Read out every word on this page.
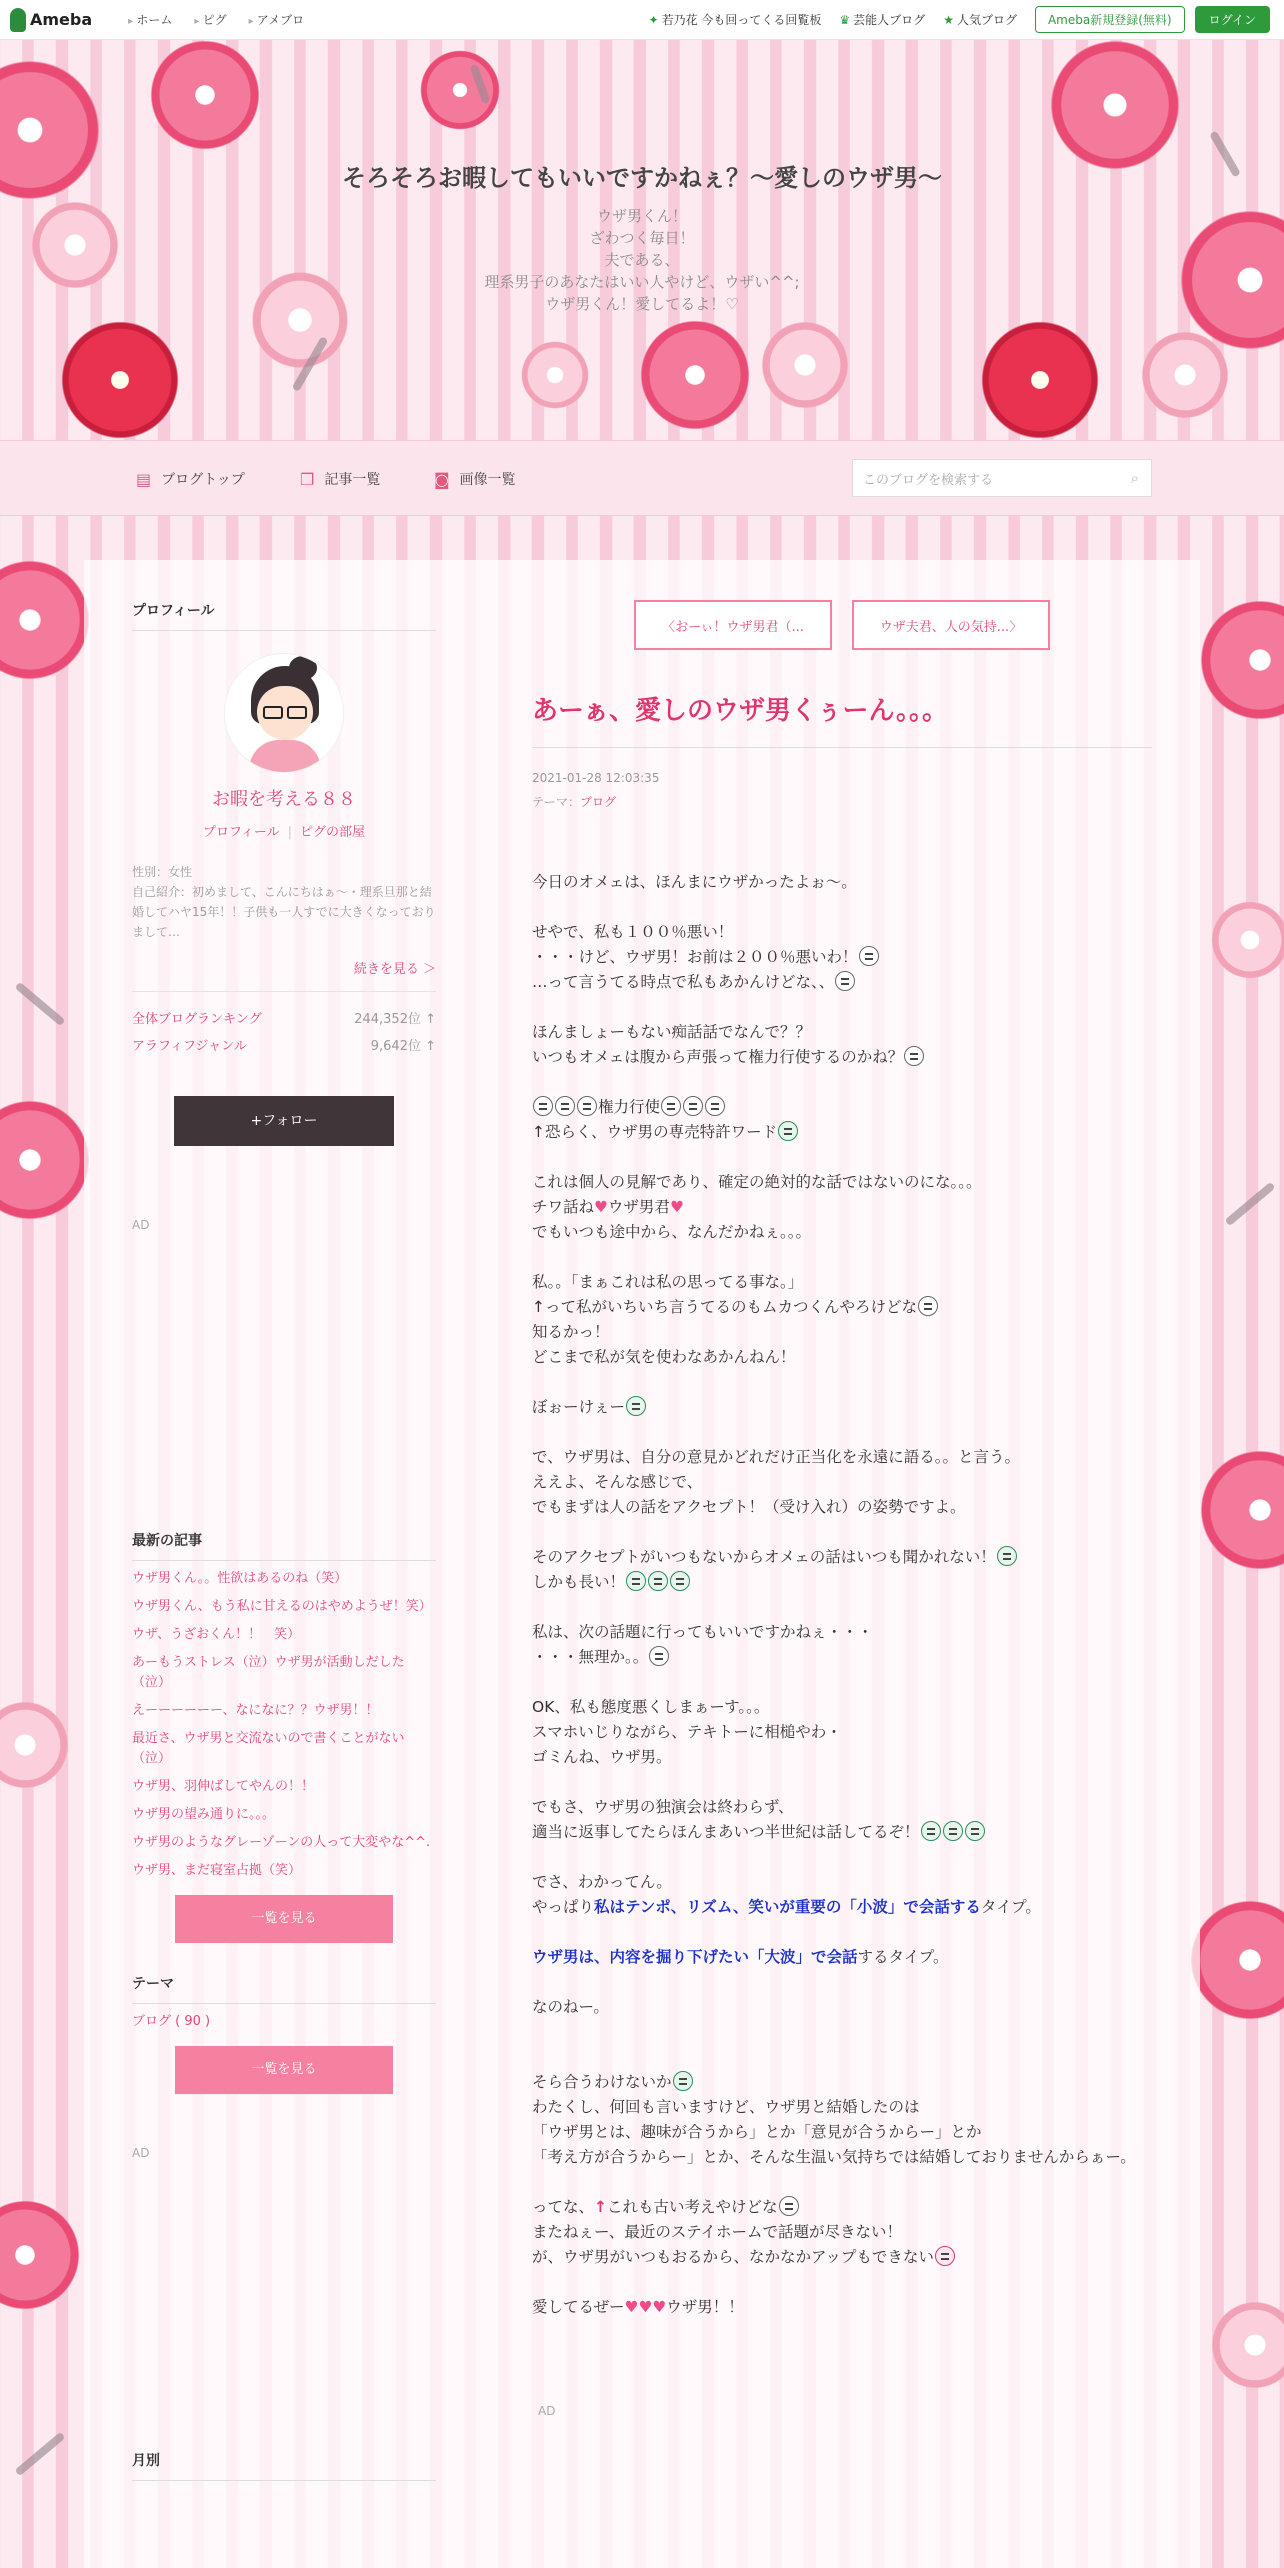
Ameba	▸ ホーム	▸ ピグ	▸ アメブロ	✦ 若乃花 今も回ってくる回覧板 ♛ 芸能人ブログ ★ 人気ブログ	Ameba新規登録(無料)	ログイン
そろそろお暇してもいいですかねぇ？〜愛しのウザ男〜
ウザ男くん！
ざわつく毎日！
夫である、
理系男子のあなたはいい人やけど、ウザい^^;
ウザ男くん！愛してるよ！♡
▤ ブログトップ	❐ 記事一覧	◙ 画像一覧	このブログを検索する	⌕
プロフィール
お暇を考える８８
プロフィール | ピグの部屋
性別：女性
自己紹介：初めまして、こんにちはぁ〜・理系旦那と結婚してハヤ15年！！子供も一人すでに大きくなっておりまして…
続きを見る ＞
全体ブログランキング	244,352位 ↑
アラフィフジャンル	9,642位 ↑
+フォロー
AD
最新の記事
ウザ男くん。。性欲はあるのね（笑）
ウザ男くん、もう私に甘えるのはやめようぜ！笑）
ウザ、うざおくん！！　笑）
あーもうストレス（泣）ウザ男が活動しだした（泣）
えーーーーーー、なになに？？ウザ男！！
最近さ、ウザ男と交流ないので書くことがない（泣）
ウザ男、羽伸ばしてやんの！！
ウザ男の望み通りに。。。
ウザ男のようなグレーゾーンの人って大変やな^^.
ウザ男、まだ寝室占拠（笑）
一覧を見る
テーマ
ブログ ( 90 )
一覧を見る
AD
月別
〈 おーぃ！ウザ男君（...	ウザ夫君、人の気持... 〉
あーぁ、愛しのウザ男くぅーん。。。
2021-01-28 12:03:35
テーマ：ブログ

今日のオメェは、ほんまにウザかったよぉ〜。

せやで、私も１００％悪い！

・・・けど、ウザ男！お前は２００％悪いわ！

…って言うてる時点で私もあかんけどな、、

ほんましょーもない痴話話でなんで？？

いつもオメェは腹から声張って権力行使するのかね？

権力行使

↑恐らく、ウザ男の専売特許ワード

これは個人の見解であり、確定の絶対的な話ではないのにな。。。

チワ話ね♥ウザ男君♥

でもいつも途中から、なんだかねぇ。。。

私。。「まぁこれは私の思ってる事な。」

↑って私がいちいち言うてるのもムカつくんやろけどな

知るかっ！

どこまで私が気を使わなあかんねん！

ぼぉーけぇー

で、ウザ男は、自分の意見かどれだけ正当化を永遠に語る。。と言う。

ええよ、そんな感じで、

でもまずは人の話をアクセプト！（受け入れ）の姿勢ですよ。

そのアクセプトがいつもないからオメェの話はいつも聞かれない！

しかも長い！

私は、次の話題に行ってもいいですかねぇ・・・

・・・無理か。。

OK、私も態度悪くしまぁーす。。。

スマホいじりながら、テキトーに相槌やわ・

ゴミんね、ウザ男。

でもさ、ウザ男の独演会は終わらず、

適当に返事してたらほんまあいつ半世紀は話してるぞ！

でさ、わかってん。

やっぱり私はテンポ、リズム、笑いが重要の「小波」で会話するタイプ。

ウザ男は、内容を掘り下げたい「大波」で会話するタイプ。

なのねー。

そら合うわけないか

わたくし、何回も言いますけど、ウザ男と結婚したのは

「ウザ男とは、趣味が合うから」とか「意見が合うからー」とか

「考え方が合うからー」とか、そんな生温い気持ちでは結婚しておりませんからぁー。

ってな、↑これも古い考えやけどな

またねぇー、最近のステイホームで話題が尽きない！

が、ウザ男がいつもおるから、なかなかアップもできない

愛してるぜー♥♥♥ウザ男！！

AD
